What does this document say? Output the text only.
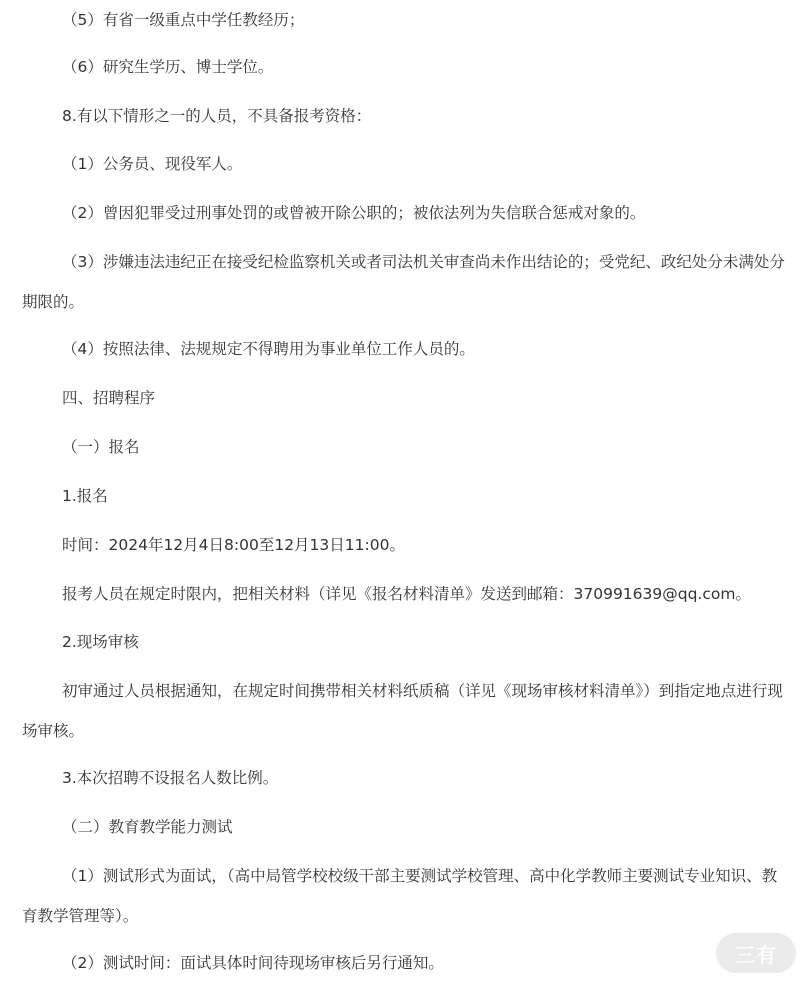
（5）有省一级重点中学任教经历；

（6）研究生学历、博士学位。

8.有以下情形之一的人员，不具备报考资格：

（1）公务员、现役军人。

（2）曾因犯罪受过刑事处罚的或曾被开除公职的；被依法列为失信联合惩戒对象的。

（3）涉嫌违法违纪正在接受纪检监察机关或者司法机关审查尚未作出结论的；受党纪、政纪处分未满处分期限的。

（4）按照法律、法规规定不得聘用为事业单位工作人员的。

四、招聘程序

（一）报名

1.报名

时间：2024年12月4日8:00至12月13日11:00。

报考人员在规定时限内，把相关材料（详见《报名材料清单》发送到邮箱：370991639@qq.com。

2.现场审核

初审通过人员根据通知，在规定时间携带相关材料纸质稿（详见《现场审核材料清单》）到指定地点进行现场审核。

3.本次招聘不设报名人数比例。

（二）教育教学能力测试

（1）测试形式为面试，（高中局管学校校级干部主要测试学校管理、高中化学教师主要测试专业知识、教育教学管理等）。

（2）测试时间：面试具体时间待现场审核后另行通知。	三有
